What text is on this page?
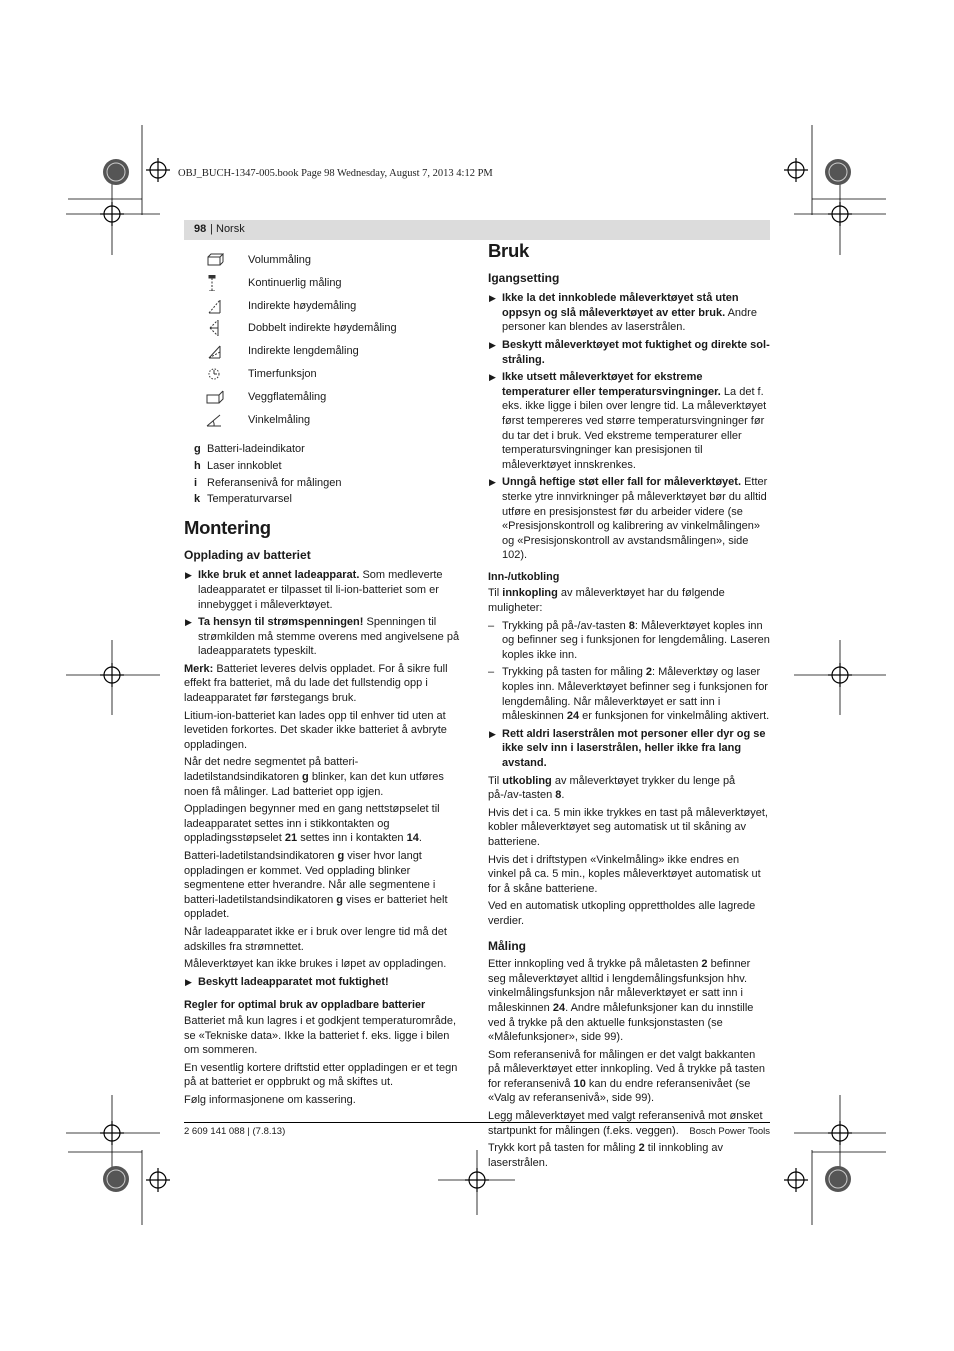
OBJ_BUCH-1347-005.book Page 98 Wednesday, August 7, 2013 4:12 PM
98 | Norsk
Volummåling
Kontinuerlig måling
Indirekte høydemåling
Dobbelt indirekte høydemåling
Indirekte lengdemåling
Timerfunksjon
Veggflatemåling
Vinkelmåling
g Batteri-ladeindikator
h Laser innkoblet
i Referansenivå for målingen
k Temperaturvarsel
Montering
Opplading av batteriet
▶ Ikke bruk et annet ladeapparat. Som medleverte ladeapparatet er tilpasset til li-ion-batteriet som er innebygget i måleverktøyet.
▶ Ta hensyn til strømspenningen! Spenningen til strømkilden må stemme overens med angivelsene på ladeapparatets typeskilt.

Merk: Batteriet leveres delvis oppladet. For å sikre full effekt fra batteriet, må du lade det fullstendig opp i ladeapparatet før førstegangs bruk.

Litium-ion-batteriet kan lades opp til enhver tid uten at levetiden forkortes. Det skader ikke batteriet å avbryte oppladingen.

Når det nedre segmentet på batteri-ladetilstandsindikatoren g blinker, kan det kun utføres noen få målinger. Lad batteriet opp igjen.

Oppladingen begynner med en gang nettstøpselet til ladeapparatet settes inn i stikkontakten og oppladingsstøpselet 21 settes inn i kontakten 14.

Batteri-ladetilstandsindikatoren g viser hvor langt oppladingen er kommet. Ved opplading blinker segmentene etter hverandre. Når alle segmentene i batteri-ladetilstandsindikatoren g vises er batteriet helt oppladet.

Når ladeapparatet ikke er i bruk over lengre tid må det adskilles fra strømnettet.

Måleverktøyet kan ikke brukes i løpet av oppladingen.

▶ Beskytt ladeapparatet mot fuktighet!
Regler for optimal bruk av oppladbare batterier

Batteriet må kun lagres i et godkjent temperaturområde, se «Tekniske data». Ikke la batteriet f. eks. ligge i bilen om sommeren.

En vesentlig kortere driftstid etter oppladingen er et tegn på at batteriet er oppbrukt og må skiftes ut.

Følg informasjonene om kassering.

Bruk
Igangsetting
▶ Ikke la det innkoblede måleverktøyet stå uten oppsyn og slå måleverktøyet av etter bruk. Andre personer kan blendes av laserstrålen.
▶ Beskytt måleverktøyet mot fuktighet og direkte solstråling.
▶ Ikke utsett måleverktøyet for ekstreme temperaturer eller temperatursvingninger. La det f. eks. ikke ligge i bilen over lengre tid. La måleverktøyet først tempereres ved større temperatursvingninger før du tar det i bruk. Ved ekstreme temperaturer eller temperatursvingninger kan presisjonen til måleverktøyet innskrenkes.
▶ Unngå heftige støt eller fall for måleverktøyet. Etter sterke ytre innvirkninger på måleverktøyet bør du alltid utføre en presisjonstest før du arbeider videre (se «Presisjonskontroll og kalibrering av vinkelmålingen» og «Presisjonskontroll av avstandsmålingen», side 102).
Inn-/utkobling

Til innkopling av måleverktøyet har du følgende muligheter:

– Trykking på på-/av-tasten 8: Måleverktøyet koples inn og befinner seg i funksjonen for lengdemåling. Laseren koples ikke inn.
– Trykking på tasten for måling 2: Måleverktøy og laser koples inn. Måleverktøyet befinner seg i funksjonen for lengdemåling. Når måleverktøyet er satt inn i måleskinnen 24 er funksjonen for vinkelmåling aktivert.
▶ Rett aldri laserstrålen mot personer eller dyr og se ikke selv inn i laserstrålen, heller ikke fra lang avstand.

Til utkobling av måleverktøyet trykker du lenge på på-/av-tasten 8.

Hvis det i ca. 5 min ikke trykkes en tast på måleverktøyet, kobler måleverktøyet seg automatisk ut til skåning av batteriene.

Hvis det i driftstypen «Vinkelmåling» ikke endres en vinkel på ca. 5 min., koples måleverktøyet automatisk ut for å skåne batteriene.

Ved en automatisk utkopling opprettholdes alle lagrede verdier.

Måling

Etter innkopling ved å trykke på måletasten 2 befinner seg måleverktøyet alltid i lengdemålingsfunksjon hhv. vinkelmålingsfunksjon når måleverktøyet er satt inn i måleskinnen 24. Andre målefunksjoner kan du innstille ved å trykke på den aktuelle funksjonstasten (se «Målefunksjoner», side 99).

Som referansenivå for målingen er det valgt bakkanten på måleverktøyet etter innkopling. Ved å trykke på tasten for referansenivå 10 kan du endre referansenivået (se «Valg av referansenivå», side 99).

Legg måleverktøyet med valgt referansenivå mot ønsket startpunkt for målingen (f.eks. veggen).

Trykk kort på tasten for måling 2 til innkobling av laserstrålen.

2 609 141 088 | (7.8.13)	Bosch Power Tools
